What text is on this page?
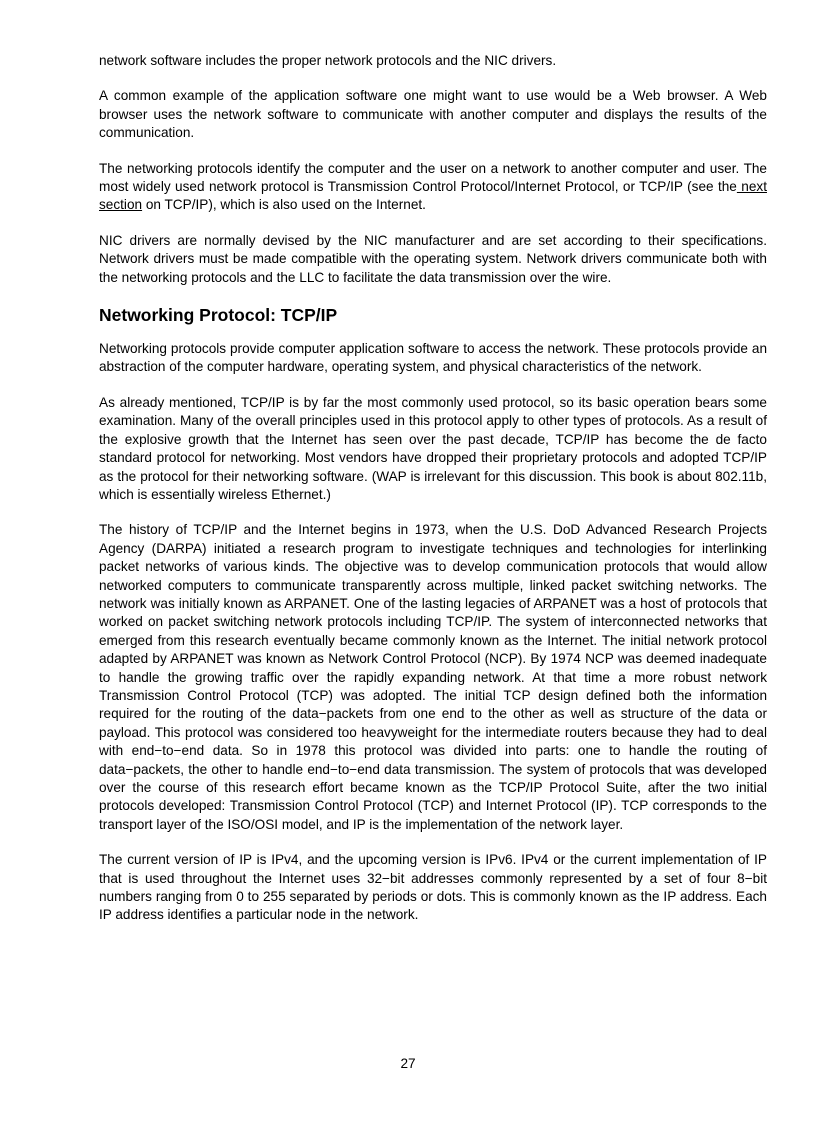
network software includes the proper network protocols and the NIC drivers.

A common example of the application software one might want to use would be a Web browser. A Web browser uses the network software to communicate with another computer and displays the results of the communication.

The networking protocols identify the computer and the user on a network to another computer and user. The most widely used network protocol is Transmission Control Protocol/Internet Protocol, or TCP/IP (see the next section on TCP/IP), which is also used on the Internet.

NIC drivers are normally devised by the NIC manufacturer and are set according to their specifications. Network drivers must be made compatible with the operating system. Network drivers communicate both with the networking protocols and the LLC to facilitate the data transmission over the wire.

Networking Protocol: TCP/IP

Networking protocols provide computer application software to access the network. These protocols provide an abstraction of the computer hardware, operating system, and physical characteristics of the network.

As already mentioned, TCP/IP is by far the most commonly used protocol, so its basic operation bears some examination. Many of the overall principles used in this protocol apply to other types of protocols. As a result of the explosive growth that the Internet has seen over the past decade, TCP/IP has become the de facto standard protocol for networking. Most vendors have dropped their proprietary protocols and adopted TCP/IP as the protocol for their networking software. (WAP is irrelevant for this discussion. This book is about 802.11b, which is essentially wireless Ethernet.)

The history of TCP/IP and the Internet begins in 1973, when the U.S. DoD Advanced Research Projects Agency (DARPA) initiated a research program to investigate techniques and technologies for interlinking packet networks of various kinds. The objective was to develop communication protocols that would allow networked computers to communicate transparently across multiple, linked packet switching networks. The network was initially known as ARPANET. One of the lasting legacies of ARPANET was a host of protocols that worked on packet switching network protocols including TCP/IP. The system of interconnected networks that emerged from this research eventually became commonly known as the Internet. The initial network protocol adapted by ARPANET was known as Network Control Protocol (NCP). By 1974 NCP was deemed inadequate to handle the growing traffic over the rapidly expanding network. At that time a more robust network Transmission Control Protocol (TCP) was adopted. The initial TCP design defined both the information required for the routing of the data−packets from one end to the other as well as structure of the data or payload. This protocol was considered too heavyweight for the intermediate routers because they had to deal with end−to−end data. So in 1978 this protocol was divided into parts: one to handle the routing of data−packets, the other to handle end−to−end data transmission. The system of protocols that was developed over the course of this research effort became known as the TCP/IP Protocol Suite, after the two initial protocols developed: Transmission Control Protocol (TCP) and Internet Protocol (IP). TCP corresponds to the transport layer of the ISO/OSI model, and IP is the implementation of the network layer.

The current version of IP is IPv4, and the upcoming version is IPv6. IPv4 or the current implementation of IP that is used throughout the Internet uses 32−bit addresses commonly represented by a set of four 8−bit numbers ranging from 0 to 255 separated by periods or dots. This is commonly known as the IP address. Each IP address identifies a particular node in the network.

27
